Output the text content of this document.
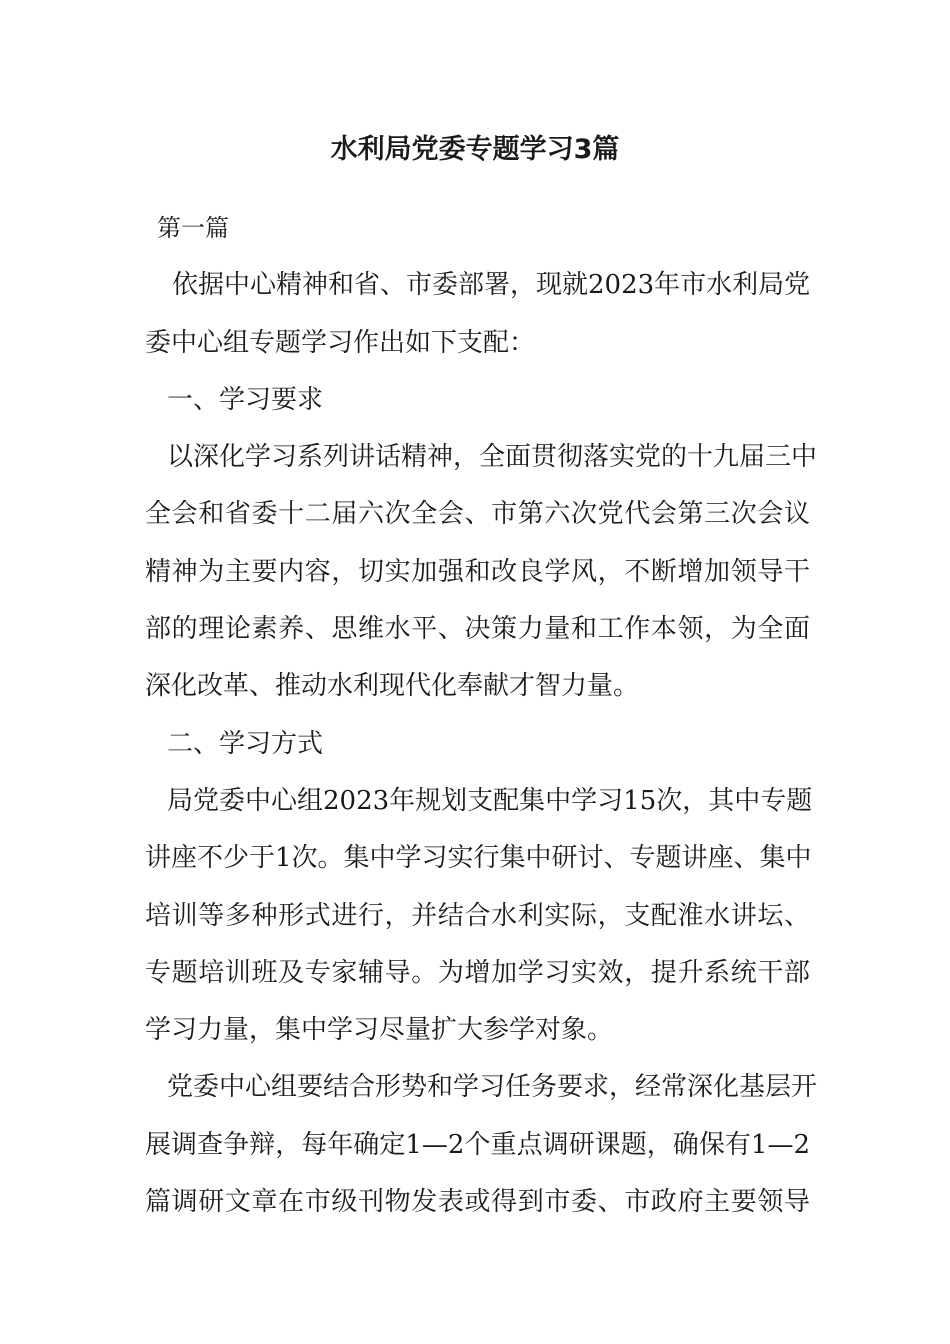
水利局党委专题学习3篇
第一篇
依据中心精神和省、市委部署，现就2023年市水利局党
委中心组专题学习作出如下支配：
一、学习要求
以深化学习系列讲话精神，全面贯彻落实党的十九届三中
全会和省委十二届六次全会、市第六次党代会第三次会议
精神为主要内容，切实加强和改良学风，不断增加领导干
部的理论素养、思维水平、决策力量和工作本领，为全面
深化改革、推动水利现代化奉献才智力量。
二、学习方式
局党委中心组2023年规划支配集中学习15次，其中专题
讲座不少于1次。集中学习实行集中研讨、专题讲座、集中
培训等多种形式进行，并结合水利实际，支配淮水讲坛、
专题培训班及专家辅导。为增加学习实效，提升系统干部
学习力量，集中学习尽量扩大参学对象。
党委中心组要结合形势和学习任务要求，经常深化基层开
展调查争辩，每年确定1—2个重点调研课题，确保有1—2
篇调研文章在市级刊物发表或得到市委、市政府主要领导
